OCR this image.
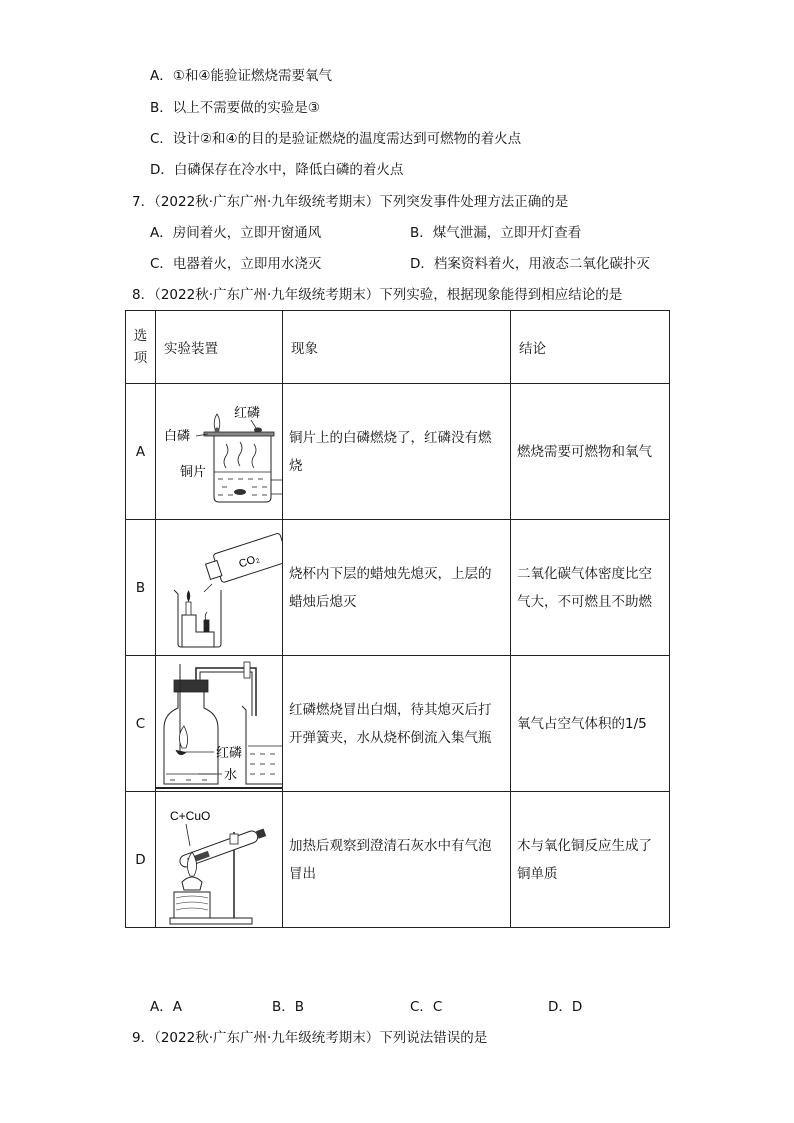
A．①和④能验证燃烧需要氧气
B．以上不需要做的实验是③
C．设计②和④的目的是验证燃烧的温度需达到可燃物的着火点
D．白磷保存在冷水中，降低白磷的着火点
7．（2022秋·广东广州·九年级统考期末）下列突发事件处理方法正确的是
A．房间着火，立即开窗通风	B．煤气泄漏，立即开灯查看
C．电器着火，立即用水浇灭	D．档案资料着火，用液态二氧化碳扑灭
8．（2022秋·广东广州·九年级统考期末）下列实验，根据现象能得到相应结论的是
选项	实验装置	现象	结论

A	红磷
白磷
铜片	铜片上的白磷燃烧了，红磷没有燃烧	燃烧需要可燃物和氧气

B	CO₂	烧杯内下层的蜡烛先熄灭，上层的蜡烛后熄灭	二氧化碳气体密度比空气大，不可燃且不助燃

C	红磷
水	红磷燃烧冒出白烟，待其熄灭后打开弹簧夹，水从烧杯倒流入集气瓶	氧气占空气体积的1/5

D	C+CuO	加热后观察到澄清石灰水中有气泡冒出	木与氧化铜反应生成了铜单质
A．A	B．B	C．C	D．D
9．（2022秋·广东广州·九年级统考期末）下列说法错误的是
